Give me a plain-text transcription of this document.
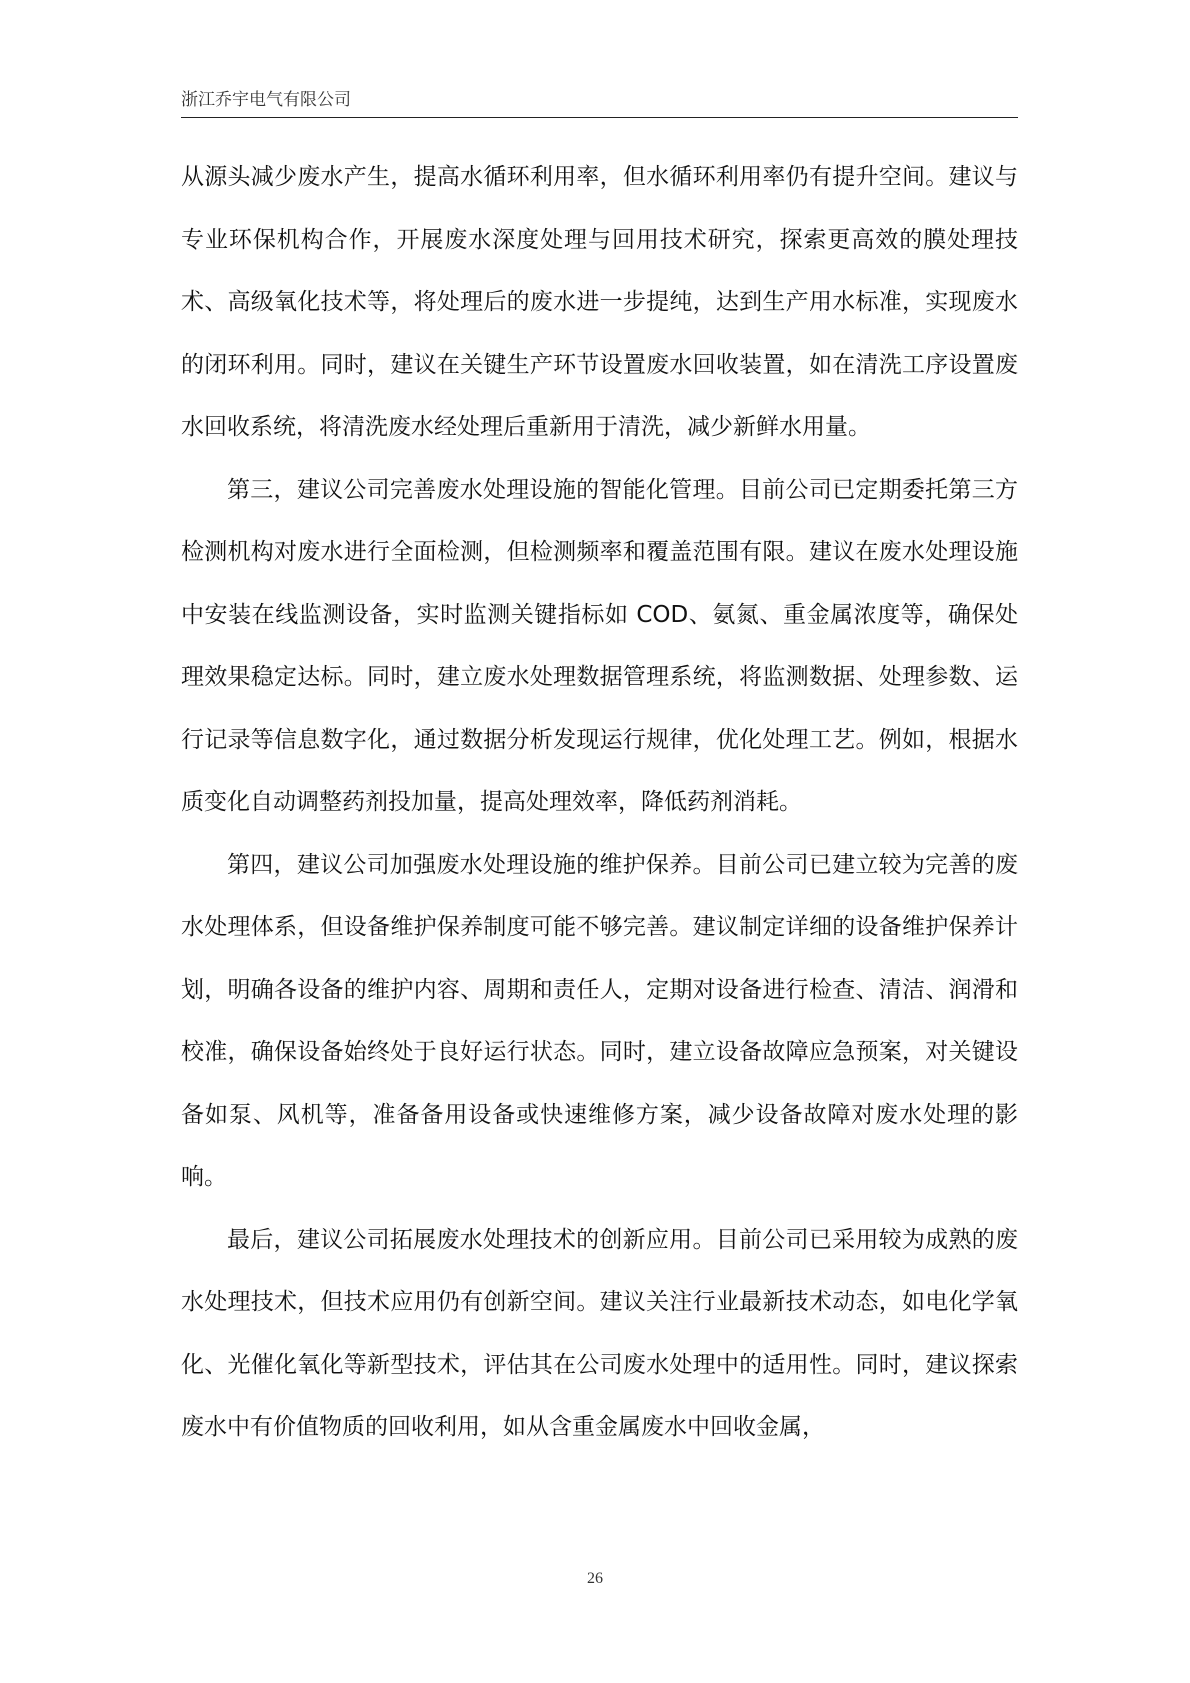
浙江乔宇电气有限公司

从源头减少废水产生，提高水循环利用率，但水循环利用率仍有提升空间。建议与专业环保机构合作，开展废水深度处理与回用技术研究，探索更高效的膜处理技术、高级氧化技术等，将处理后的废水进一步提纯，达到生产用水标准，实现废水的闭环利用。同时，建议在关键生产环节设置废水回收装置，如在清洗工序设置废水回收系统，将清洗废水经处理后重新用于清洗，减少新鲜水用量。

第三，建议公司完善废水处理设施的智能化管理。目前公司已定期委托第三方检测机构对废水进行全面检测，但检测频率和覆盖范围有限。建议在废水处理设施中安装在线监测设备，实时监测关键指标如 COD、氨氮、重金属浓度等，确保处理效果稳定达标。同时，建立废水处理数据管理系统，将监测数据、处理参数、运行记录等信息数字化，通过数据分析发现运行规律，优化处理工艺。例如，根据水质变化自动调整药剂投加量，提高处理效率，降低药剂消耗。

第四，建议公司加强废水处理设施的维护保养。目前公司已建立较为完善的废水处理体系，但设备维护保养制度可能不够完善。建议制定详细的设备维护保养计划，明确各设备的维护内容、周期和责任人，定期对设备进行检查、清洁、润滑和校准，确保设备始终处于良好运行状态。同时，建立设备故障应急预案，对关键设备如泵、风机等，准备备用设备或快速维修方案，减少设备故障对废水处理的影响。

最后，建议公司拓展废水处理技术的创新应用。目前公司已采用较为成熟的废水处理技术，但技术应用仍有创新空间。建议关注行业最新技术动态，如电化学氧化、光催化氧化等新型技术，评估其在公司废水处理中的适用性。同时，建议探索废水中有价值物质的回收利用，如从含重金属废水中回收金属，

26
